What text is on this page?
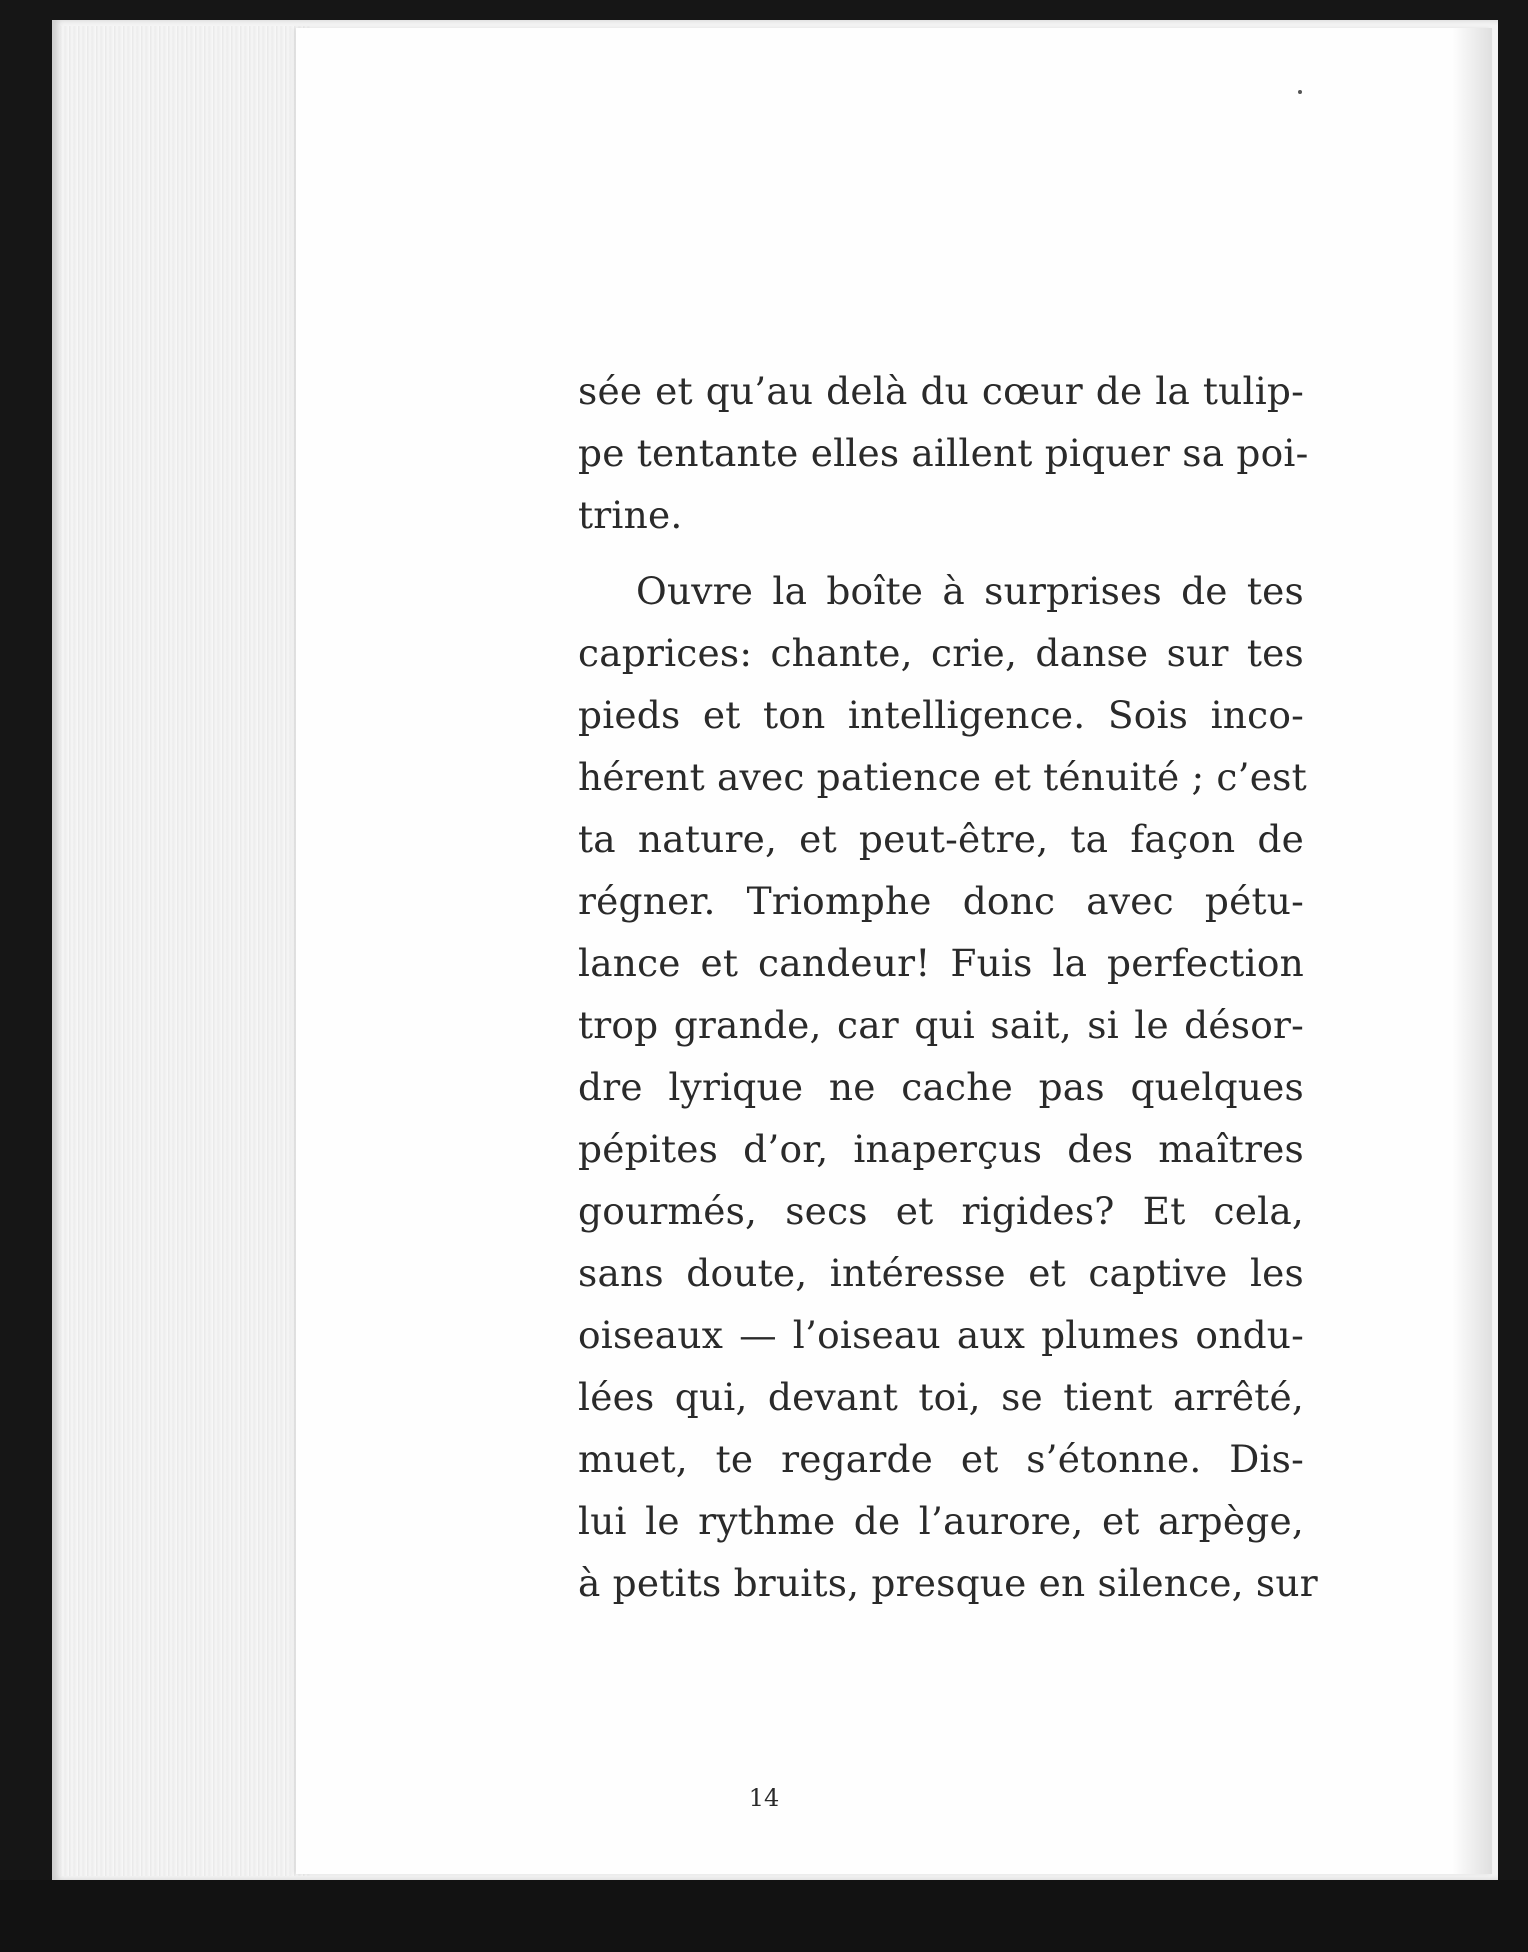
sée et qu’au delà du cœur de la tulip-
pe tentante elles aillent piquer sa poi-
trine.
Ouvre la boîte à surprises de tes
caprices: chante, crie, danse sur tes
pieds et ton intelligence. Sois inco-
hérent avec patience et ténuité ; c’est
ta nature, et peut-être, ta façon de
régner. Triomphe donc avec pétu-
lance et candeur! Fuis la perfection
trop grande, car qui sait, si le désor-
dre lyrique ne cache pas quelques
pépites d’or, inaperçus des maîtres
gourmés, secs et rigides? Et cela,
sans doute, intéresse et captive les
oiseaux — l’oiseau aux plumes ondu-
lées qui, devant toi, se tient arrêté,
muet, te regarde et s’étonne. Dis-
lui le rythme de l’aurore, et arpège,
à petits bruits, presque en silence, sur
14
